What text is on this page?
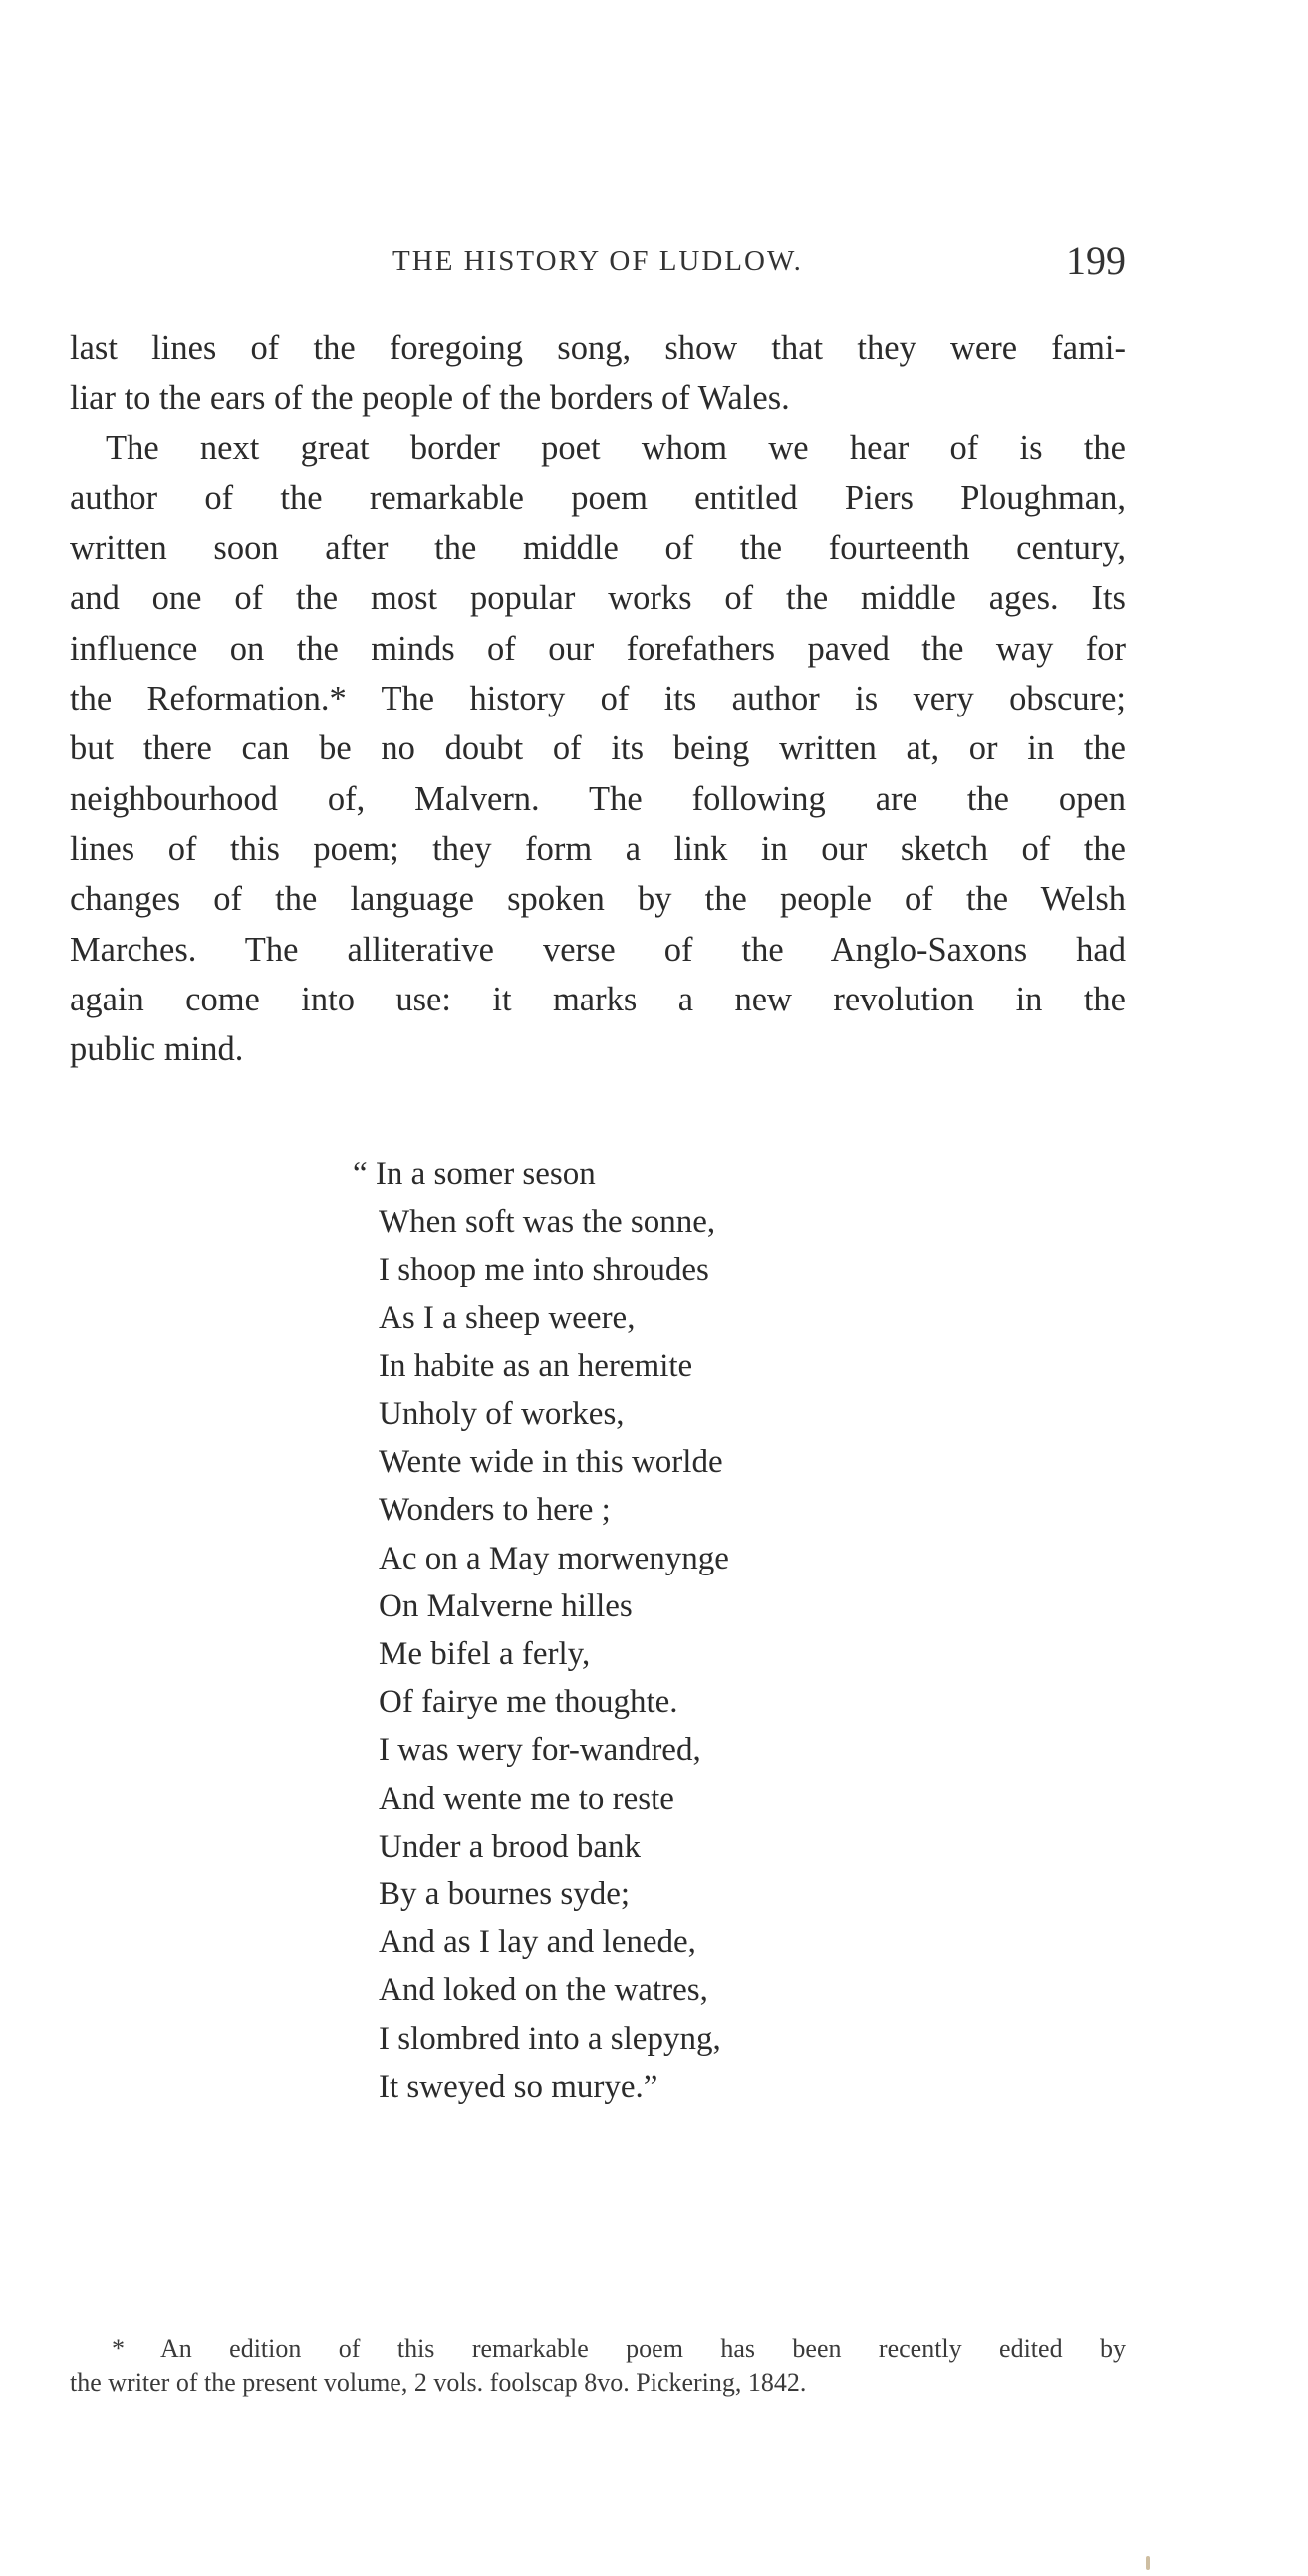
THE HISTORY OF LUDLOW.	199
last lines of the foregoing song, show that they were fami-
liar to the ears of the people of the borders of Wales.
The next great border poet whom we hear of is the
author of the remarkable poem entitled Piers Ploughman,
written soon after the middle of the fourteenth century,
and one of the most popular works of the middle ages. Its
influence on the minds of our forefathers paved the way for
the Reformation.* The history of its author is very obscure;
but there can be no doubt of its being written at, or in the
neighbourhood of, Malvern. The following are the open
lines of this poem; they form a link in our sketch of the
changes of the language spoken by the people of the Welsh
Marches. The alliterative verse of the Anglo-Saxons had
again come into use: it marks a new revolution in the
public mind.
“ In a somer seson
When soft was the sonne,
I shoop me into shroudes
As I a sheep weere,
In habite as an heremite
Unholy of workes,
Wente wide in this worlde
Wonders to here ;
Ac on a May morwenynge
On Malverne hilles
Me bifel a ferly,
Of fairye me thoughte.
I was wery for-wandred,
And wente me to reste
Under a brood bank
By a bournes syde;
And as I lay and lenede,
And loked on the watres,
I slombred into a slepyng,
It sweyed so murye.”
* An edition of this remarkable poem has been recently edited by
the writer of the present volume, 2 vols. foolscap 8vo. Pickering, 1842.
